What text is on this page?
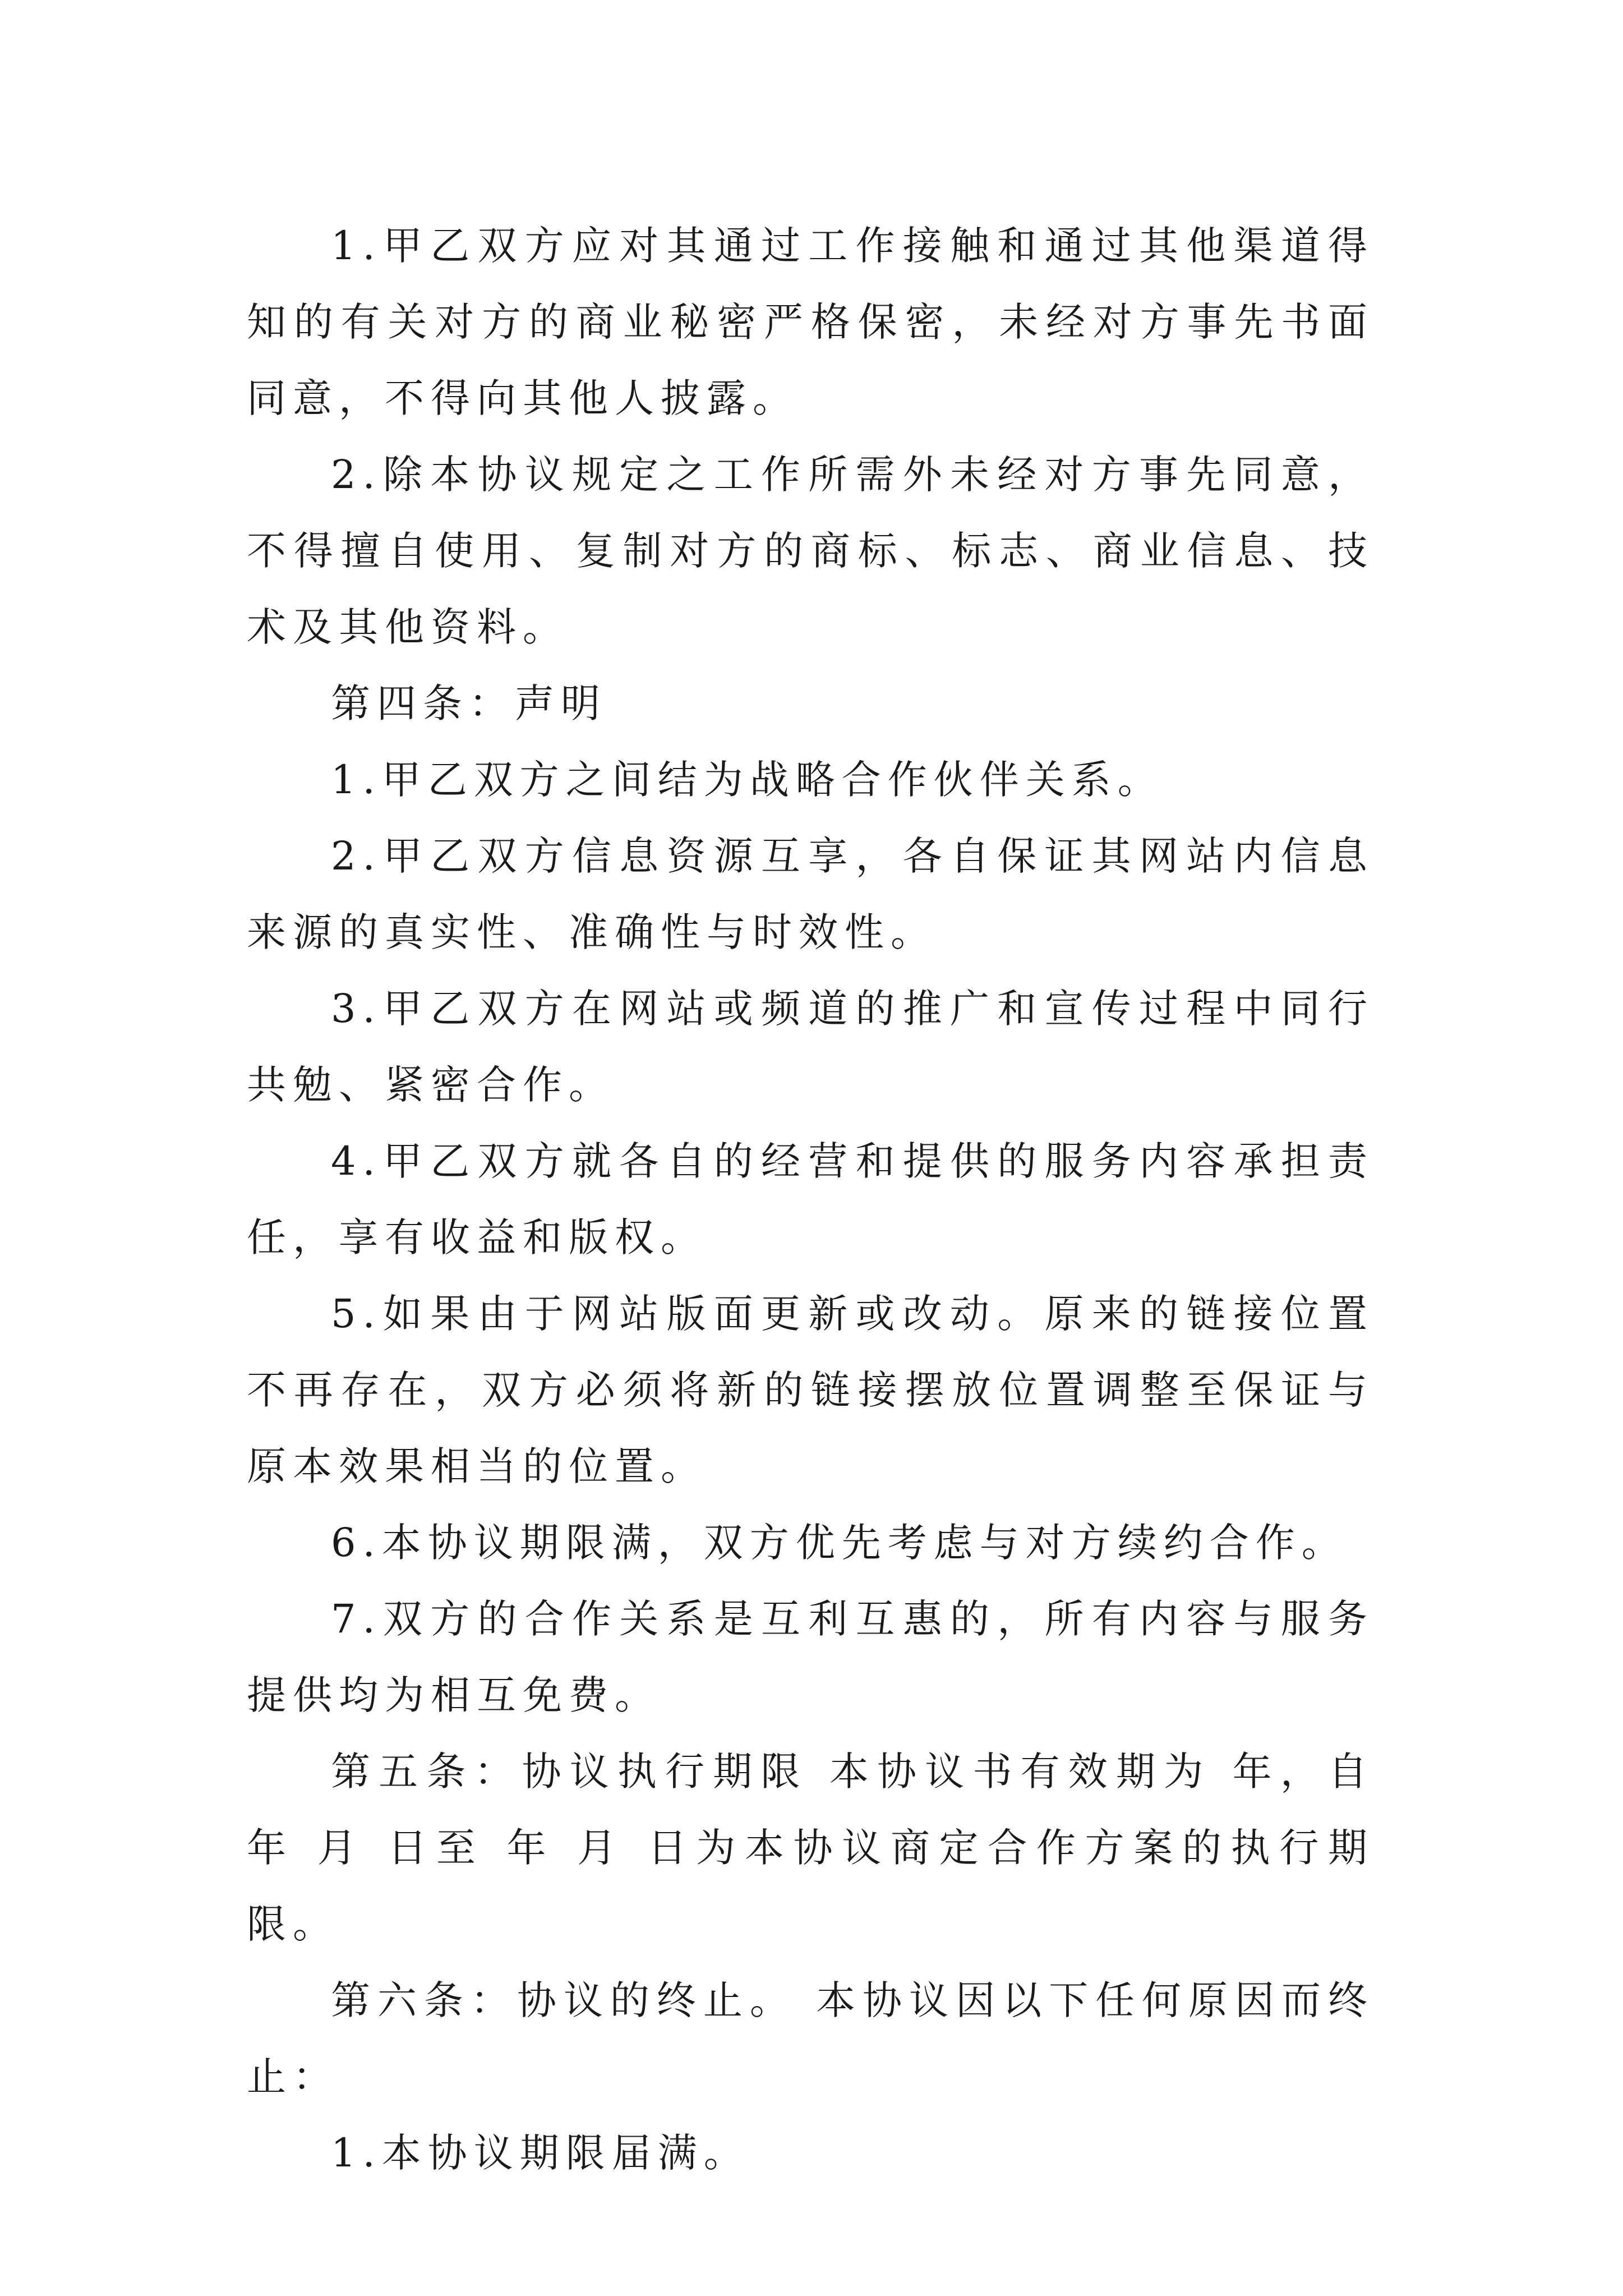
1.甲乙双方应对其通过工作接触和通过其他渠道得知的有关对方的商业秘密严格保密，未经对方事先书面同意，不得向其他人披露。

2.除本协议规定之工作所需外未经对方事先同意，不得擅自使用、复制对方的商标、标志、商业信息、技术及其他资料。

第四条：声明

1.甲乙双方之间结为战略合作伙伴关系。

2.甲乙双方信息资源互享，各自保证其网站内信息来源的真实性、准确性与时效性。

3.甲乙双方在网站或频道的推广和宣传过程中同行共勉、紧密合作。

4.甲乙双方就各自的经营和提供的服务内容承担责任，享有收益和版权。

5.如果由于网站版面更新或改动。原来的链接位置不再存在，双方必须将新的链接摆放位置调整至保证与原本效果相当的位置。

6.本协议期限满，双方优先考虑与对方续约合作。

7.双方的合作关系是互利互惠的，所有内容与服务提供均为相互免费。

第五条：协议执行期限 本协议书有效期为 年，自 年 月 日至 年 月 日为本协议商定合作方案的执行期限。

第六条：协议的终止。 本协议因以下任何原因而终止：

1.本协议期限届满。
